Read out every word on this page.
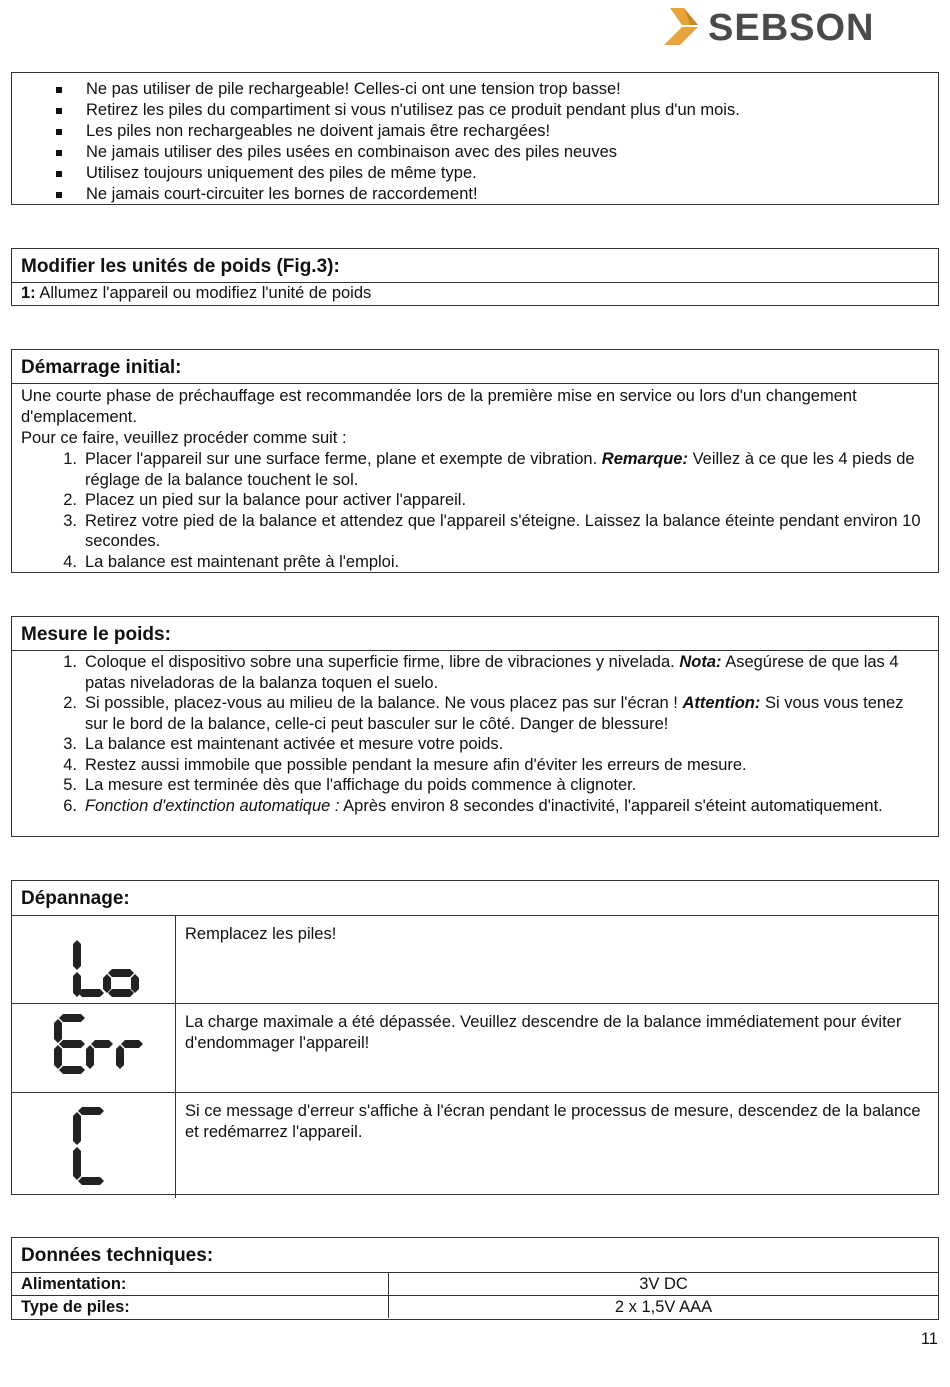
SEBSON
Ne pas utiliser de pile rechargeable! Celles-ci ont une tension trop basse!
Retirez les piles du compartiment si vous n'utilisez pas ce produit pendant plus d'un mois.
Les piles non rechargeables ne doivent jamais être rechargées!
Ne jamais utiliser des piles usées en combinaison avec des piles neuves
Utilisez toujours uniquement des piles de même type.
Ne jamais court-circuiter les bornes de raccordement!
Modifier les unités de poids (Fig.3):
1: Allumez l'appareil ou modifiez l'unité de poids
Démarrage initial:
Une courte phase de préchauffage est recommandée lors de la première mise en service ou lors d'un changement d'emplacement.
Pour ce faire, veuillez procéder comme suit :
1. Placer l'appareil sur une surface ferme, plane et exempte de vibration. Remarque: Veillez à ce que les 4 pieds de réglage de la balance touchent le sol.
2. Placez un pied sur la balance pour activer l'appareil.
3. Retirez votre pied de la balance et attendez que l'appareil s'éteigne. Laissez la balance éteinte pendant environ 10 secondes.
4. La balance est maintenant prête à l'emploi.
Mesure le poids:
1. Coloque el dispositivo sobre una superficie firme, libre de vibraciones y nivelada. Nota: Asegúrese de que las 4 patas niveladoras de la balanza toquen el suelo.
2. Si possible, placez-vous au milieu de la balance. Ne vous placez pas sur l'écran ! Attention: Si vous vous tenez sur le bord de la balance, celle-ci peut basculer sur le côté. Danger de blessure!
3. La balance est maintenant activée et mesure votre poids.
4. Restez aussi immobile que possible pendant la mesure afin d'éviter les erreurs de mesure.
5. La mesure est terminée dès que l'affichage du poids commence à clignoter.
6. Fonction d'extinction automatique : Après environ 8 secondes d'inactivité, l'appareil s'éteint automatiquement.
Dépannage:
	Remplacez les piles!
	La charge maximale a été dépassée. Veuillez descendre de la balance immédiatement pour éviter d'endommager l'appareil!
	Si ce message d'erreur s'affiche à l'écran pendant le processus de mesure, descendez de la balance et redémarrez l'appareil.
Données techniques:
Alimentation:	3V DC
Type de piles:	2 x 1,5V AAA
11
